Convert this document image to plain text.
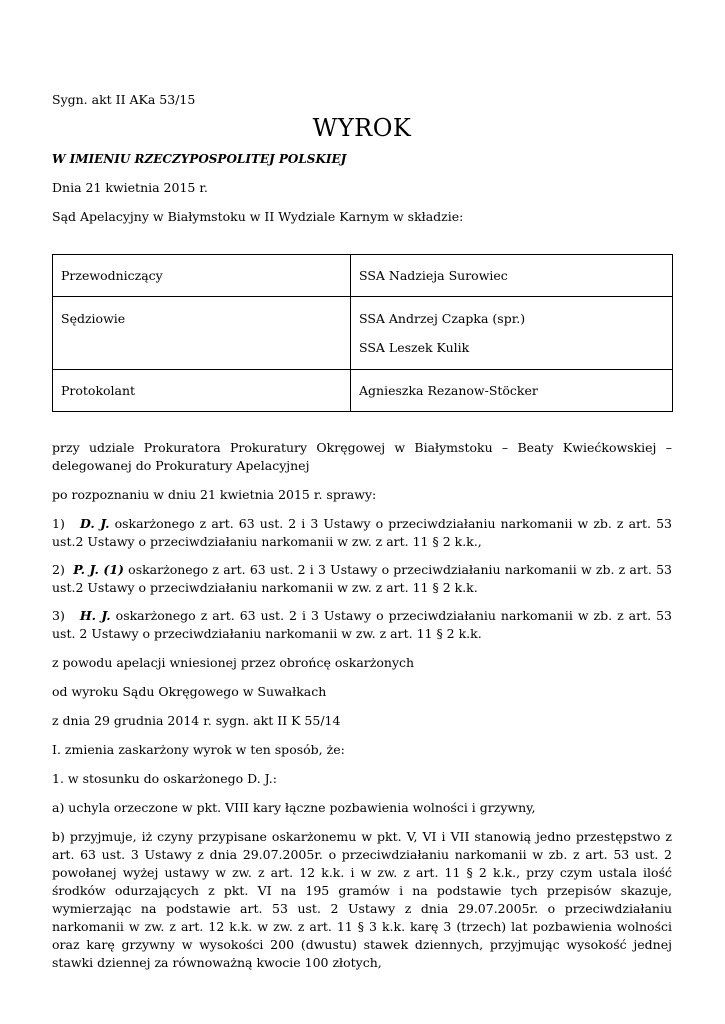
Sygn. akt II AKa 53/15
WYROK
W IMIENIU RZECZYPOSPOLITEJ POLSKIEJ
Dnia 21 kwietnia 2015 r.
Sąd Apelacyjny w Białymstoku w II Wydziale Karnym w składzie:
Przewodniczący	SSA Nadzieja Surowiec
Sędziowie	SSA Andrzej Czapka (spr.)
SSA Leszek Kulik

Protokolant	Agnieszka Rezanow-Stöcker
przy udziale Prokuratora Prokuratury Okręgowej w Białymstoku – Beaty Kwiećkowskiej – delegowanej do Prokuratury Apelacyjnej
po rozpoznaniu w dniu 21 kwietnia 2015 r. sprawy:
1) D. J. oskarżonego z art. 63 ust. 2 i 3 Ustawy o przeciwdziałaniu narkomanii w zb. z art. 53 ust.2 Ustawy o przeciwdziałaniu narkomanii w zw. z art. 11 § 2 k.k.,
2) P. J. (1) oskarżonego z art. 63 ust. 2 i 3 Ustawy o przeciwdziałaniu narkomanii w zb. z art. 53 ust.2 Ustawy o przeciwdziałaniu narkomanii w zw. z art. 11 § 2 k.k.
3) H. J. oskarżonego z art. 63 ust. 2 i 3 Ustawy o przeciwdziałaniu narkomanii w zb. z art. 53 ust. 2 Ustawy o przeciwdziałaniu narkomanii w zw. z art. 11 § 2 k.k.
z powodu apelacji wniesionej przez obrońcę oskarżonych
od wyroku Sądu Okręgowego w Suwałkach
z dnia 29 grudnia 2014 r. sygn. akt II K 55/14
I. zmienia zaskarżony wyrok w ten sposób, że:
1. w stosunku do oskarżonego D. J.:
a) uchyla orzeczone w pkt. VIII kary łączne pozbawienia wolności i grzywny,
b) przyjmuje, iż czyny przypisane oskarżonemu w pkt. V, VI i VII stanowią jedno przestępstwo z art. 63 ust. 3 Ustawy z dnia 29.07.2005r. o przeciwdziałaniu narkomanii w zb. z art. 53 ust. 2 powołanej wyżej ustawy w zw. z art. 12 k.k. i w zw. z art. 11 § 2 k.k., przy czym ustala ilość środków odurzających z pkt. VI na 195 gramów i na podstawie tych przepisów skazuje, wymierzając na podstawie art. 53 ust. 2 Ustawy z dnia 29.07.2005r. o przeciwdziałaniu narkomanii w zw. z art. 12 k.k. w zw. z art. 11 § 3 k.k. karę 3 (trzech) lat pozbawienia wolności oraz karę grzywny w wysokości 200 (dwustu) stawek dziennych, przyjmując wysokość jednej stawki dziennej za równoważną kwocie 100 złotych,
